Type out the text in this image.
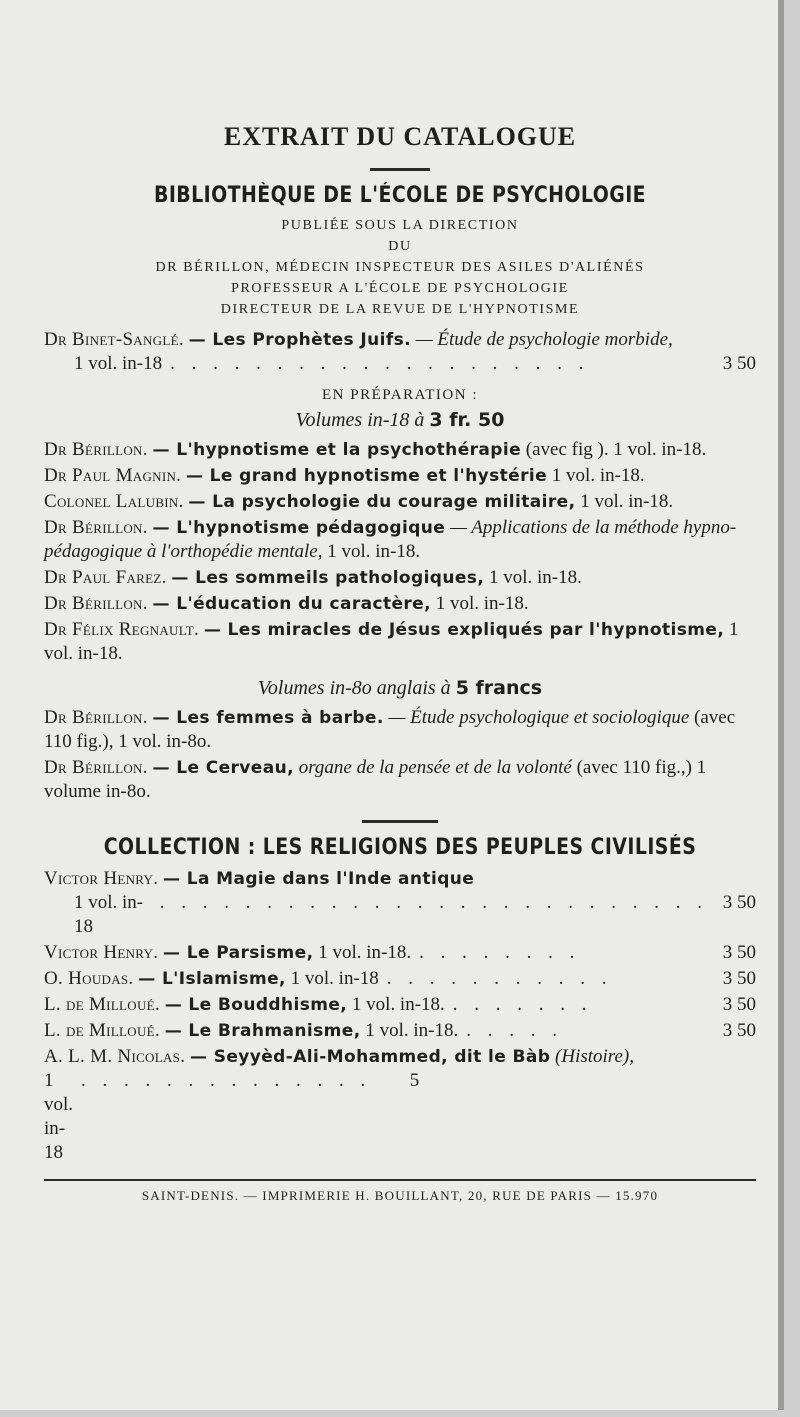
EXTRAIT DU CATALOGUE
BIBLIOTHÈQUE DE L'ÉCOLE DE PSYCHOLOGIE

PUBLIÉE SOUS LA DIRECTION

DU

DR BÉRILLON, MÉDECIN INSPECTEUR DES ASILES D'ALIÉNÉS

PROFESSEUR A L'ÉCOLE DE PSYCHOLOGIE

DIRECTEUR DE LA REVUE DE L'HYPNOTISME

Dr Binet-Sanglé. — Les Prophètes Juifs. — Étude de psychologie morbide,
1 vol. in-18 . . . . . . . . . . . . . . . . . . . .	3 50

EN PRÉPARATION :

Volumes in-18 à 3 fr. 50

Dr Bérillon. — L'hypnotisme et la psychothérapie (avec fig ). 1 vol. in-18.
Dr Paul Magnin. — Le grand hypnotisme et l'hystérie 1 vol. in-18.
Colonel Lalubin. — La psychologie du courage militaire, 1 vol. in-18.
Dr Bérillon. — L'hypnotisme pédagogique — Applications de la méthode hypno-pédagogique à l'orthopédie mentale, 1 vol. in-18.
Dr Paul Farez. — Les sommeils pathologiques, 1 vol. in-18.
Dr Bérillon. — L'éducation du caractère, 1 vol. in-18.
Dr Félix Regnault. — Les miracles de Jésus expliqués par l'hypnotisme, 1 vol. in-18.

Volumes in-8o anglais à 5 francs

Dr Bérillon. — Les femmes à barbe. — Étude psychologique et sociologique (avec 110 fig.), 1 vol. in-8o.
Dr Bérillon. — Le Cerveau, organe de la pensée et de la volonté (avec 110 fig.,) 1 volume in-8o.
COLLECTION : LES RELIGIONS DES PEUPLES CIVILISÉS
Victor Henry. — La Magie dans l'Inde antique
1 vol. in-18
. . . . . . . . . . . . . . . . . . . . . . . . . . 3 50
Victor Henry. — Le Parsisme, 1 vol. in-18. . . . . . . . .	3 50
O. Houdas. — L'Islamisme, 1 vol. in-18 . . . . . . . . . . .	3 50
L. de Milloué. — Le Bouddhisme, 1 vol. in-18. . . . . . . .	3 50
L. de Milloué. — Le Brahmanisme, 1 vol. in-18. . . . . .	3 50
A. L. M. Nicolas. — Seyyèd-Ali-Mohammed, dit le Bàb (Histoire),
1 vol. in-18
. . . . . . . . . . . . . .	5
SAINT-DENIS. — IMPRIMERIE H. BOUILLANT, 20, RUE DE PARIS — 15.970
